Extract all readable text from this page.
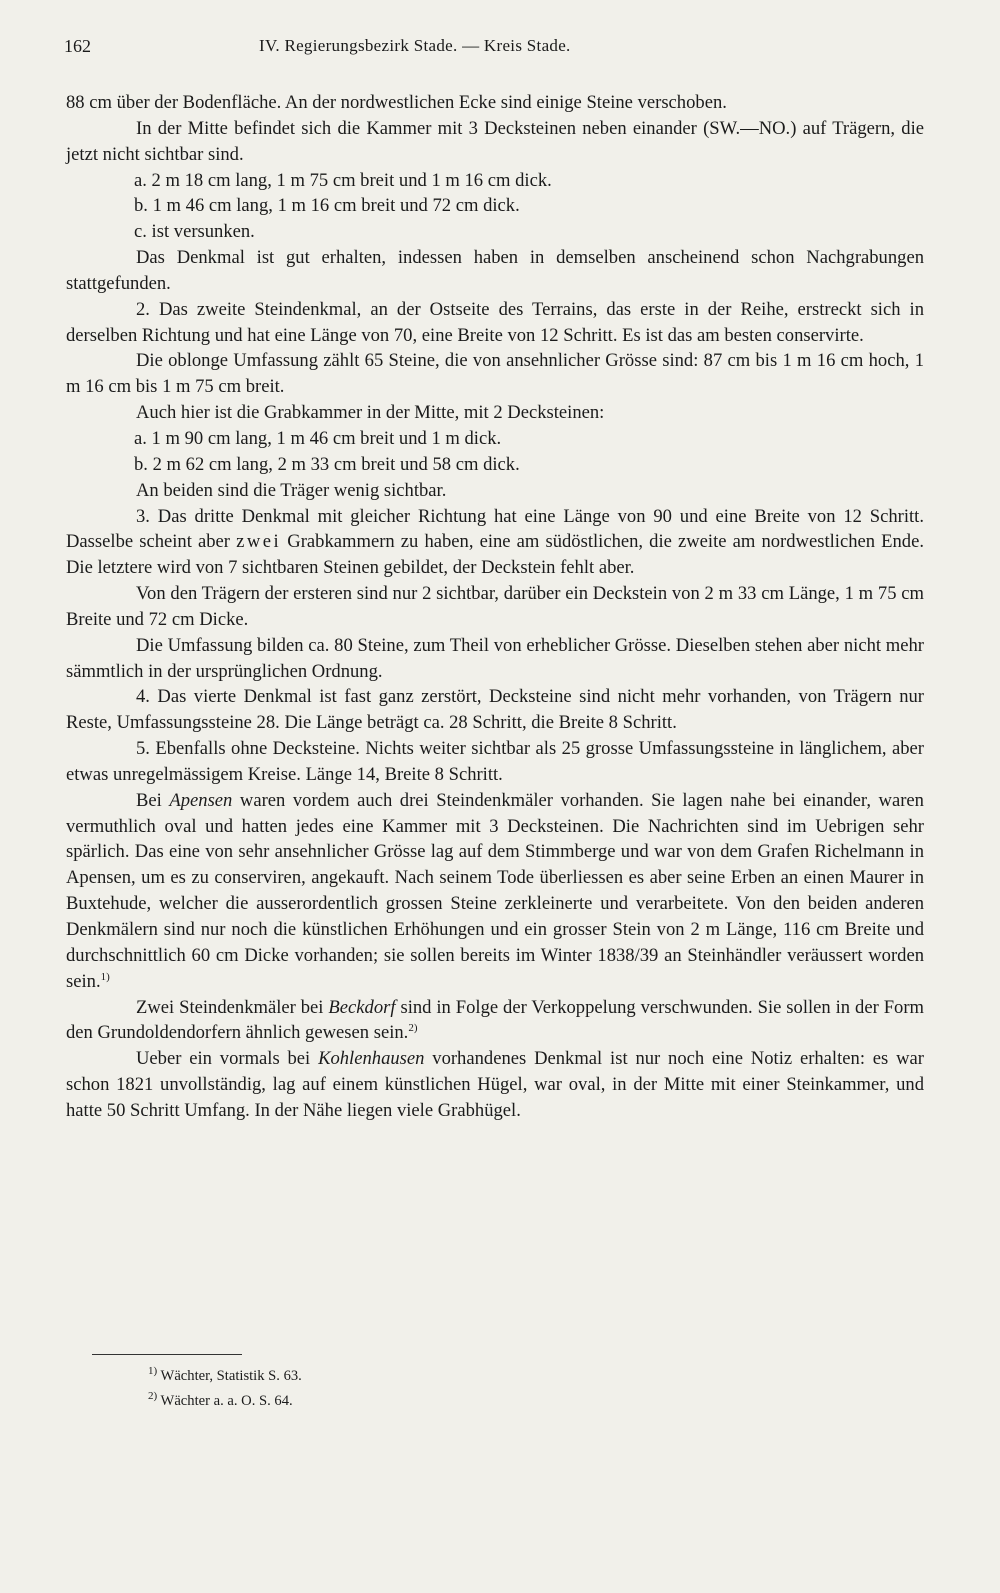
162	IV. Regierungsbezirk Stade. — Kreis Stade.

88 cm über der Bodenfläche. An der nordwestlichen Ecke sind einige Steine verschoben.

In der Mitte befindet sich die Kammer mit 3 Decksteinen neben einander (SW.—NO.) auf Trägern, die jetzt nicht sichtbar sind.

a. 2 m 18 cm lang, 1 m 75 cm breit und 1 m 16 cm dick.

b. 1 m 46 cm lang, 1 m 16 cm breit und 72 cm dick.

c. ist versunken.

Das Denkmal ist gut erhalten, indessen haben in demselben anscheinend schon Nachgrabungen stattgefunden.

2. Das zweite Steindenkmal, an der Ostseite des Terrains, das erste in der Reihe, erstreckt sich in derselben Richtung und hat eine Länge von 70, eine Breite von 12 Schritt. Es ist das am besten conservirte.

Die oblonge Umfassung zählt 65 Steine, die von ansehnlicher Grösse sind: 87 cm bis 1 m 16 cm hoch, 1 m 16 cm bis 1 m 75 cm breit.

Auch hier ist die Grabkammer in der Mitte, mit 2 Decksteinen:

a. 1 m 90 cm lang, 1 m 46 cm breit und 1 m dick.

b. 2 m 62 cm lang, 2 m 33 cm breit und 58 cm dick.

An beiden sind die Träger wenig sichtbar.

3. Das dritte Denkmal mit gleicher Richtung hat eine Länge von 90 und eine Breite von 12 Schritt. Dasselbe scheint aber zwei Grabkammern zu haben, eine am südöstlichen, die zweite am nordwestlichen Ende. Die letztere wird von 7 sichtbaren Steinen gebildet, der Deckstein fehlt aber.

Von den Trägern der ersteren sind nur 2 sichtbar, darüber ein Deckstein von 2 m 33 cm Länge, 1 m 75 cm Breite und 72 cm Dicke.

Die Umfassung bilden ca. 80 Steine, zum Theil von erheblicher Grösse. Dieselben stehen aber nicht mehr sämmtlich in der ursprünglichen Ordnung.

4. Das vierte Denkmal ist fast ganz zerstört, Decksteine sind nicht mehr vorhanden, von Trägern nur Reste, Umfassungssteine 28. Die Länge beträgt ca. 28 Schritt, die Breite 8 Schritt.

5. Ebenfalls ohne Decksteine. Nichts weiter sichtbar als 25 grosse Umfassungssteine in länglichem, aber etwas unregelmässigem Kreise. Länge 14, Breite 8 Schritt.

Bei Apensen waren vordem auch drei Steindenkmäler vorhanden. Sie lagen nahe bei einander, waren vermuthlich oval und hatten jedes eine Kammer mit 3 Decksteinen. Die Nachrichten sind im Uebrigen sehr spärlich. Das eine von sehr ansehnlicher Grösse lag auf dem Stimmberge und war von dem Grafen Richelmann in Apensen, um es zu conserviren, angekauft. Nach seinem Tode überliessen es aber seine Erben an einen Maurer in Buxtehude, welcher die ausserordentlich grossen Steine zerkleinerte und verarbeitete. Von den beiden anderen Denkmälern sind nur noch die künstlichen Erhöhungen und ein grosser Stein von 2 m Länge, 116 cm Breite und durchschnittlich 60 cm Dicke vorhanden; sie sollen bereits im Winter 1838/39 an Steinhändler veräussert worden sein.$^{1)}$

Zwei Steindenkmäler bei Beckdorf sind in Folge der Verkoppelung verschwunden. Sie sollen in der Form den Grundoldendorfern ähnlich gewesen sein.$^{2)}$

Ueber ein vormals bei Kohlenhausen vorhandenes Denkmal ist nur noch eine Notiz erhalten: es war schon 1821 unvollständig, lag auf einem künstlichen Hügel, war oval, in der Mitte mit einer Steinkammer, und hatte 50 Schritt Umfang. In der Nähe liegen viele Grabhügel.

$^{1)}$ Wächter, Statistik S. 63.
$^{2)}$ Wächter a. a. O. S. 64.
